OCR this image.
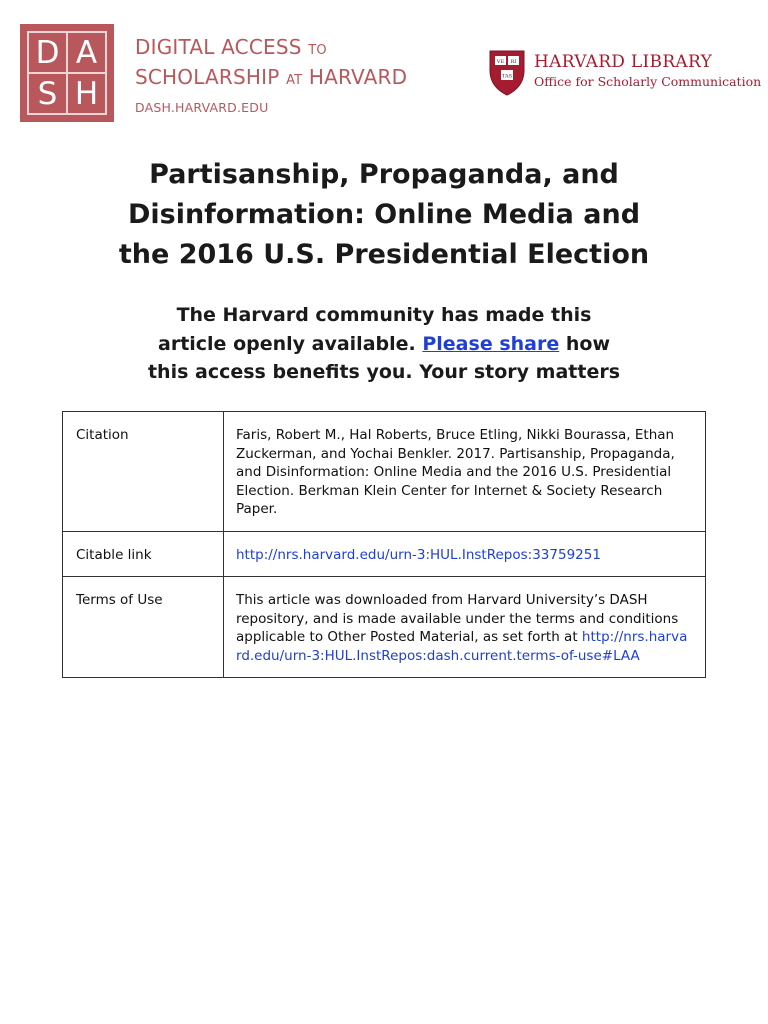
D A
S H
DIGITAL ACCESS TO
SCHOLARSHIP AT HARVARD
DASH.HARVARD.EDU
VE RI
TAS
HARVARD LIBRARY
Office for Scholarly Communication
Partisanship, Propaganda, and
Disinformation: Online Media and
the 2016 U.S. Presidential Election
The Harvard community has made this
article openly available. Please share how
this access benefits you. Your story matters
Citation	Faris, Robert M., Hal Roberts, Bruce Etling, Nikki Bourassa, Ethan Zuckerman, and Yochai Benkler. 2017. Partisanship, Propaganda, and Disinformation: Online Media and the 2016 U.S. Presidential Election. Berkman Klein Center for Internet & Society Research Paper.
Citable link	http://nrs.harvard.edu/urn-3:HUL.InstRepos:33759251
Terms of Use	This article was downloaded from Harvard University’s DASH repository, and is made available under the terms and conditions applicable to Other Posted Material, as set forth at http://nrs.harvard.edu/urn-3:HUL.InstRepos:dash.current.terms-of-use#LAA
